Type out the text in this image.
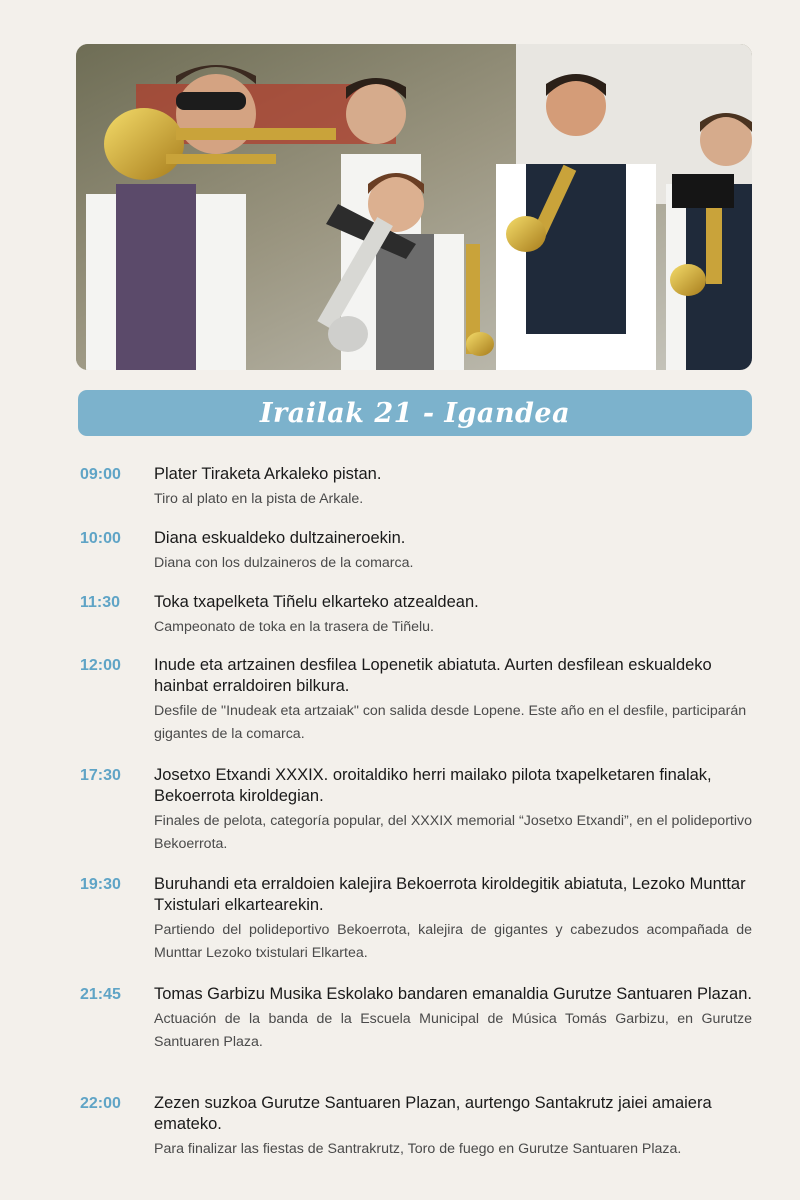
Irailak 21 - Igandea
09:00	Plater Tiraketa Arkaleko pistan.
Tiro al plato en la pista de Arkale.
10:00	Diana eskualdeko dultzaineroekin.
Diana con los dulzaineros de la comarca.
11:30	Toka txapelketa Tiñelu elkarteko atzealdean.
Campeonato de toka en la trasera de Tiñelu.
12:00	Inude eta artzainen desfilea Lopenetik abiatuta. Aurten desfilean eskualdeko hainbat erraldoiren bilkura.
Desfile de "Inudeak eta artzaiak" con salida desde Lopene. Este año en el desfile, participarán gigantes de la comarca.
17:30	Josetxo Etxandi XXXIX. oroitaldiko herri mailako pilota txapelketaren finalak, Bekoerrota kiroldegian.
Finales de pelota, categoría popular, del XXXIX memorial “Josetxo Etxandi”, en el polideportivo Bekoerrota.
19:30	Buruhandi eta erraldoien kalejira Bekoerrota kiroldegitik abiatuta, Lezoko Munttar Txistulari elkartearekin.
Partiendo del polideportivo Bekoerrota, kalejira de gigantes y cabezudos acompañada de Munttar Lezoko txistulari Elkartea.
21:45	Tomas Garbizu Musika Eskolako bandaren emanaldia Gurutze Santuaren Plazan.
Actuación de la banda de la Escuela Municipal de Música Tomás Garbizu, en Gurutze Santuaren Plaza.
22:00	Zezen suzkoa Gurutze Santuaren Plazan, aurtengo Santakrutz jaiei amaiera emateko.
Para finalizar las fiestas de Santrakrutz, Toro de fuego en Gurutze Santuaren Plaza.
